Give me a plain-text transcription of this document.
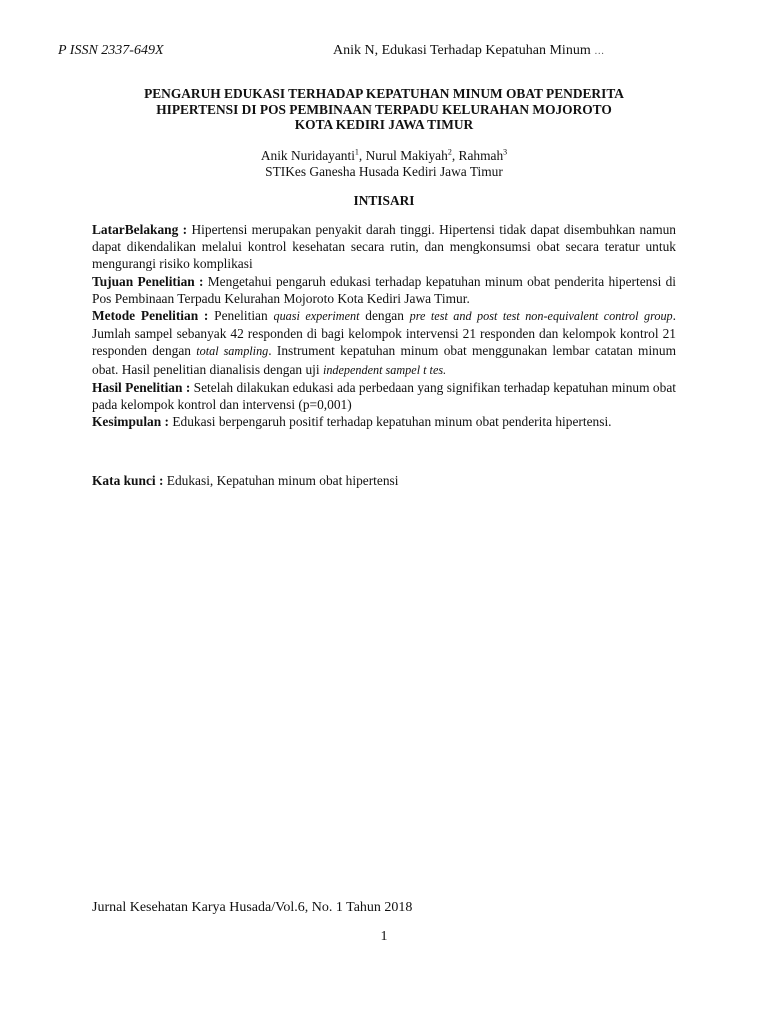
P ISSN 2337-649X	Anik N, Edukasi Terhadap Kepatuhan Minum …
PENGARUH EDUKASI TERHADAP KEPATUHAN MINUM OBAT PENDERITA
HIPERTENSI DI POS PEMBINAAN TERPADU KELURAHAN MOJOROTO
KOTA KEDIRI JAWA TIMUR
Anik Nuridayanti$^1$, Nurul Makiyah$^2$, Rahmah$^3$
STIKes Ganesha Husada Kediri Jawa Timur
INTISARI

LatarBelakang : Hipertensi merupakan penyakit darah tinggi. Hipertensi tidak dapat disembuhkan namun dapat dikendalikan melalui kontrol kesehatan secara rutin, dan mengkonsumsi obat secara teratur untuk mengurangi risiko komplikasi

Tujuan Penelitian : Mengetahui pengaruh edukasi terhadap kepatuhan minum obat penderita hipertensi di Pos Pembinaan Terpadu Kelurahan Mojoroto Kota Kediri Jawa Timur.

Metode Penelitian : Penelitian quasi experiment dengan pre test and post test non-equivalent control group. Jumlah sampel sebanyak 42 responden di bagi kelompok intervensi 21 responden dan kelompok kontrol 21 responden dengan total sampling. Instrument kepatuhan minum obat menggunakan lembar catatan minum obat. Hasil penelitian dianalisis dengan uji independent sampel t tes.

Hasil Penelitian : Setelah dilakukan edukasi ada perbedaan yang signifikan terhadap kepatuhan minum obat pada kelompok kontrol dan intervensi (p=0,001)

Kesimpulan : Edukasi berpengaruh positif terhadap kepatuhan minum obat penderita hipertensi.

Kata kunci : Edukasi, Kepatuhan minum obat hipertensi
Jurnal Kesehatan Karya Husada/Vol.6, No. 1 Tahun 2018
1
